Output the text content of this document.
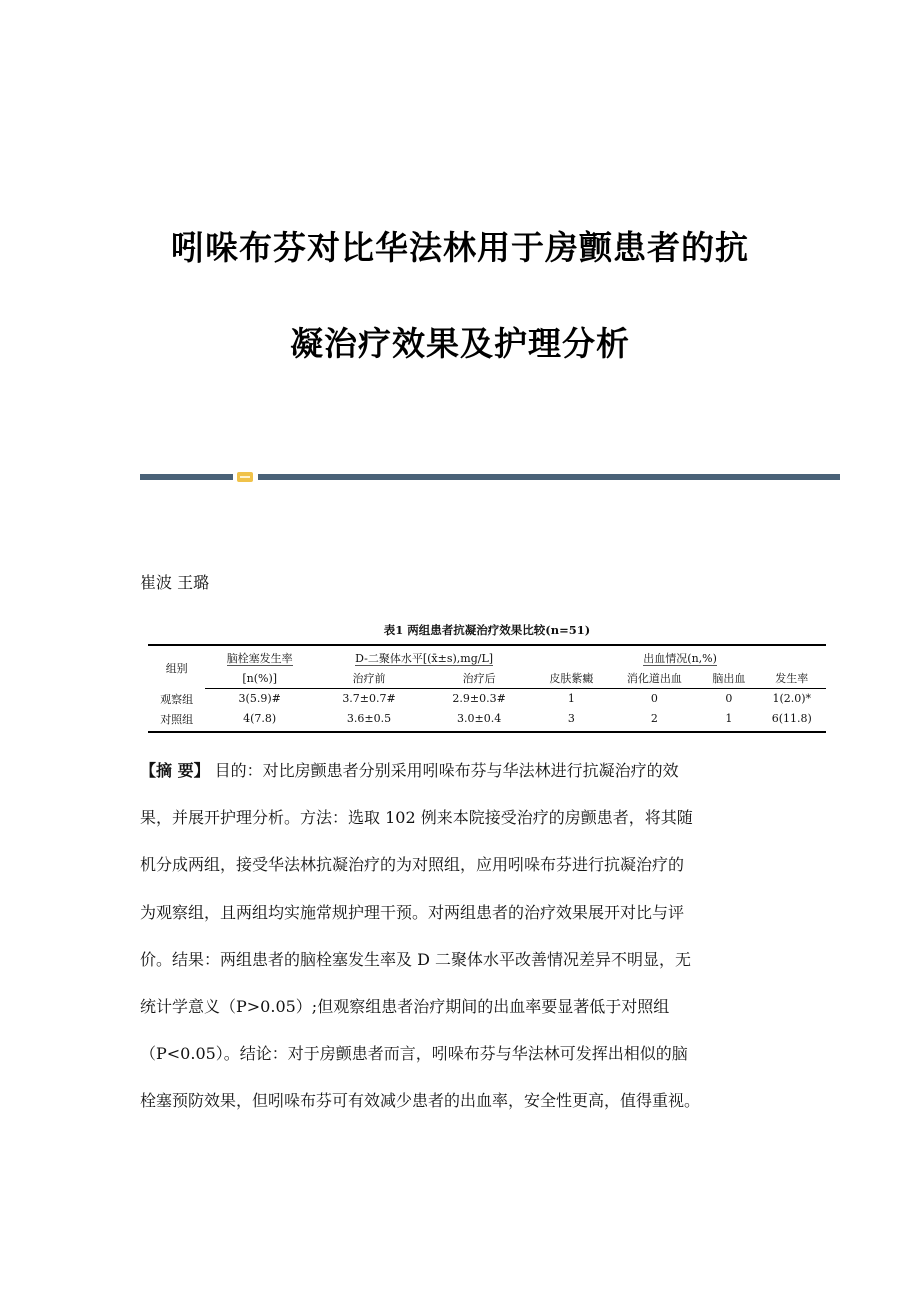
吲哚布芬对比华法林用于房颤患者的抗
凝治疗效果及护理分析
崔波 王璐
表1 两组患者抗凝治疗效果比较(n=51)
组别	脑栓塞发生率	D-二聚体水平[(x̄±s),mg/L]		出血情况(n,%)			
	[n(%)]	治疗前	治疗后	皮肤紫癜	消化道出血	脑出血	发生率
观察组	3(5.9)#	3.7±0.7#	2.9±0.3#	1	0	0	1(2.0)*
对照组	4(7.8)	3.6±0.5	3.0±0.4	3	2	1	6(11.8)

【摘 要】 目的：对比房颤患者分别采用吲哚布芬与华法林进行抗凝治疗的效

果，并展开护理分析。方法：选取 102 例来本院接受治疗的房颤患者，将其随

机分成两组，接受华法林抗凝治疗的为对照组，应用吲哚布芬进行抗凝治疗的

为观察组，且两组均实施常规护理干预。对两组患者的治疗效果展开对比与评

价。结果：两组患者的脑栓塞发生率及 D 二聚体水平改善情况差异不明显，无

统计学意义（P>0.05）;但观察组患者治疗期间的出血率要显著低于对照组

（P<0.05）。结论：对于房颤患者而言，吲哚布芬与华法林可发挥出相似的脑

栓塞预防效果，但吲哚布芬可有效减少患者的出血率，安全性更高，值得重视。
